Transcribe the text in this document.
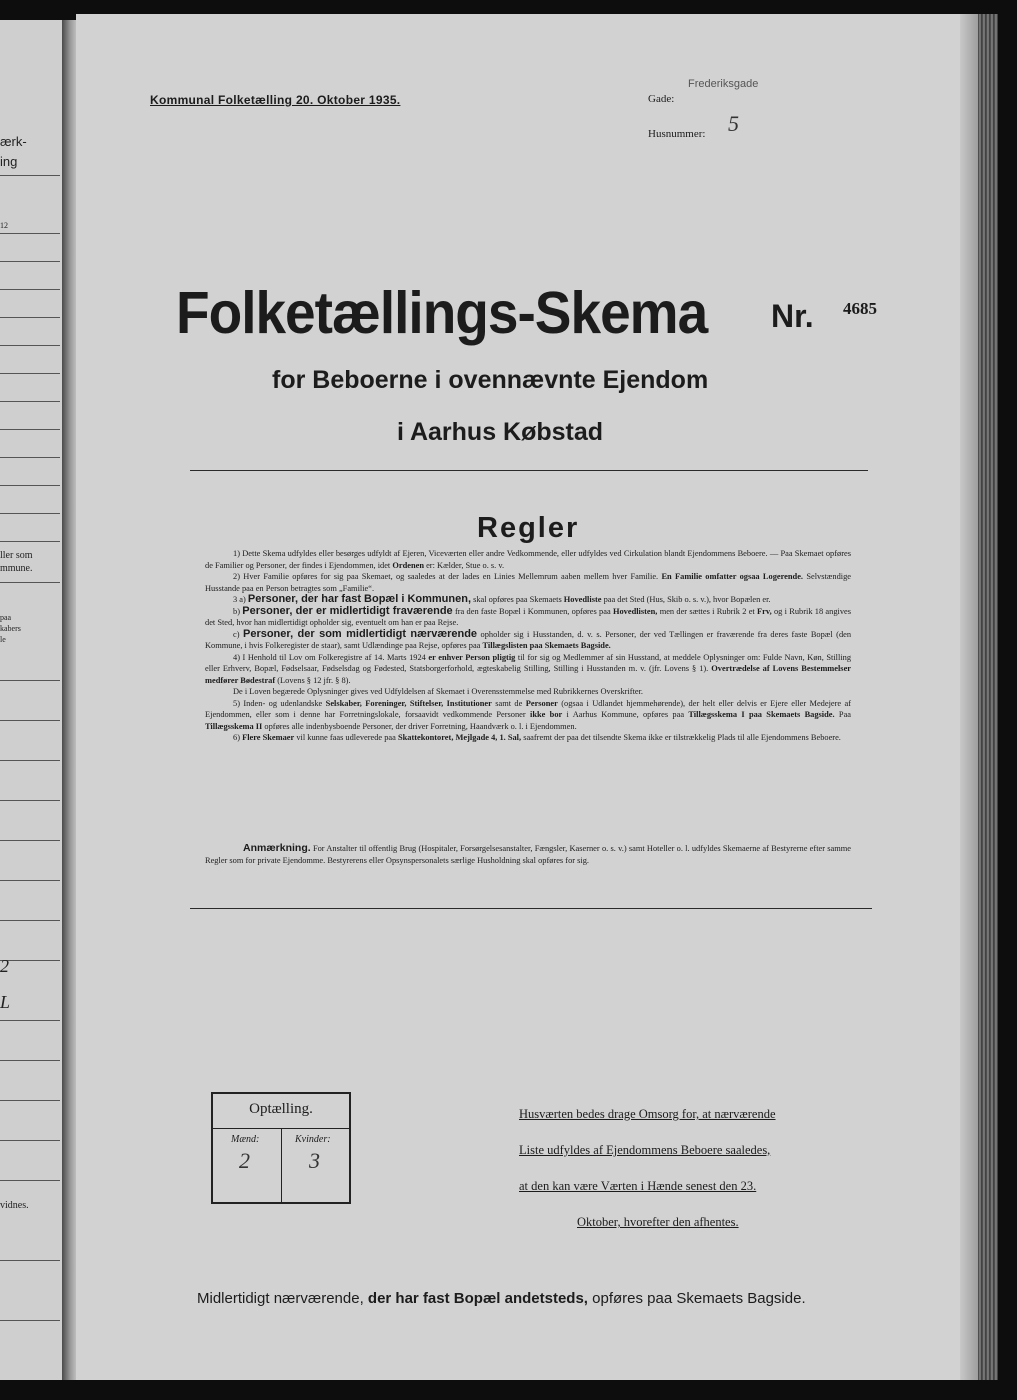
ærk-
ing
12
ller som
mmune.
paa
kabers
le
2
L
vidnes.
Kommunal Folketælling 20. Oktober 1935.	Gade:
Frederiksgade
Husnummer: 5
Folketællings-Skema Nr. 4685
for Beboerne i ovennævnte Ejendom
i Aarhus Købstad
Regler

1) Dette Skema udfyldes eller besørges udfyldt af Ejeren, Viceværten eller andre Vedkommende, eller udfyldes ved Cirkulation blandt Ejendommens Beboere. — Paa Skemaet opføres de Familier og Personer, der findes i Ejendommen, idet Ordenen er: Kælder, Stue o. s. v.

2) Hver Familie opføres for sig paa Skemaet, og saaledes at der lades en Linies Mellemrum aaben mellem hver Familie. En Familie omfatter ogsaa Logerende. Selvstændige Husstande paa en Person betragtes som „Familie“.

3 a) Personer, der har fast Bopæl i Kommunen, skal opføres paa Skemaets Hovedliste paa det Sted (Hus, Skib o. s. v.), hvor Bopælen er.

b) Personer, der er midlertidigt fraværende fra den faste Bopæl i Kommunen, opføres paa Hovedlisten, men der sættes i Rubrik 2 et Frv, og i Rubrik 18 angives det Sted, hvor han midlertidigt opholder sig, eventuelt om han er paa Rejse.

c) Personer, der som midlertidigt nærværende opholder sig i Husstanden, d. v. s. Personer, der ved Tællingen er fraværende fra deres faste Bopæl (den Kommune, i hvis Folkeregister de staar), samt Udlændinge paa Rejse, opføres paa Tillægslisten paa Skemaets Bagside.

4) I Henhold til Lov om Folkeregistre af 14. Marts 1924 er enhver Person pligtig til for sig og Medlemmer af sin Husstand, at meddele Oplysninger om: Fulde Navn, Køn, Stilling eller Erhverv, Bopæl, Fødselsaar, Fødselsdag og Fødested, Statsborgerforhold, ægteskabelig Stilling, Stilling i Husstanden m. v. (jfr. Lovens § 1). Overtrædelse af Lovens Bestemmelser medfører Bødestraf (Lovens § 12 jfr. § 8).

De i Loven begærede Oplysninger gives ved Udfyldelsen af Skemaet i Overensstemmelse med Rubrikkernes Overskrifter.

5) Inden- og udenlandske Selskaber, Foreninger, Stiftelser, Institutioner samt de Personer (ogsaa i Udlandet hjemmehørende), der helt eller delvis er Ejere eller Medejere af Ejendommen, eller som i denne har Forretningslokale, forsaavidt vedkommende Personer ikke bor i Aarhus Kommune, opføres paa Tillægsskema I paa Skemaets Bagside. Paa Tillægsskema II opføres alle indenbysboende Personer, der driver Forretning, Haandværk o. l. i Ejendommen.

6) Flere Skemaer vil kunne faas udleverede paa Skattekontoret, Mejlgade 4, 1. Sal, saafremt der paa det tilsendte Skema ikke er tilstrækkelig Plads til alle Ejendommens Beboere.

Anmærkning. For Anstalter til offentlig Brug (Hospitaler, Forsørgelsesanstalter, Fængsler, Kaserner o. s. v.) samt Hoteller o. l. udfyldes Skemaerne af Bestyrerne efter samme Regler som for private Ejendomme. Bestyrerens eller Opsynspersonalets særlige Husholdning skal opføres for sig.

Optælling.
Mænd:	Kvinder:
2	3
Husværten bedes drage Omsorg for, at nærværende
Liste udfyldes af Ejendommens Beboere saaledes,
at den kan være Værten i Hænde senest den 23.
Oktober, hvorefter den afhentes.
Midlertidigt nærværende, der har fast Bopæl andetsteds, opføres paa Skemaets Bagside.
